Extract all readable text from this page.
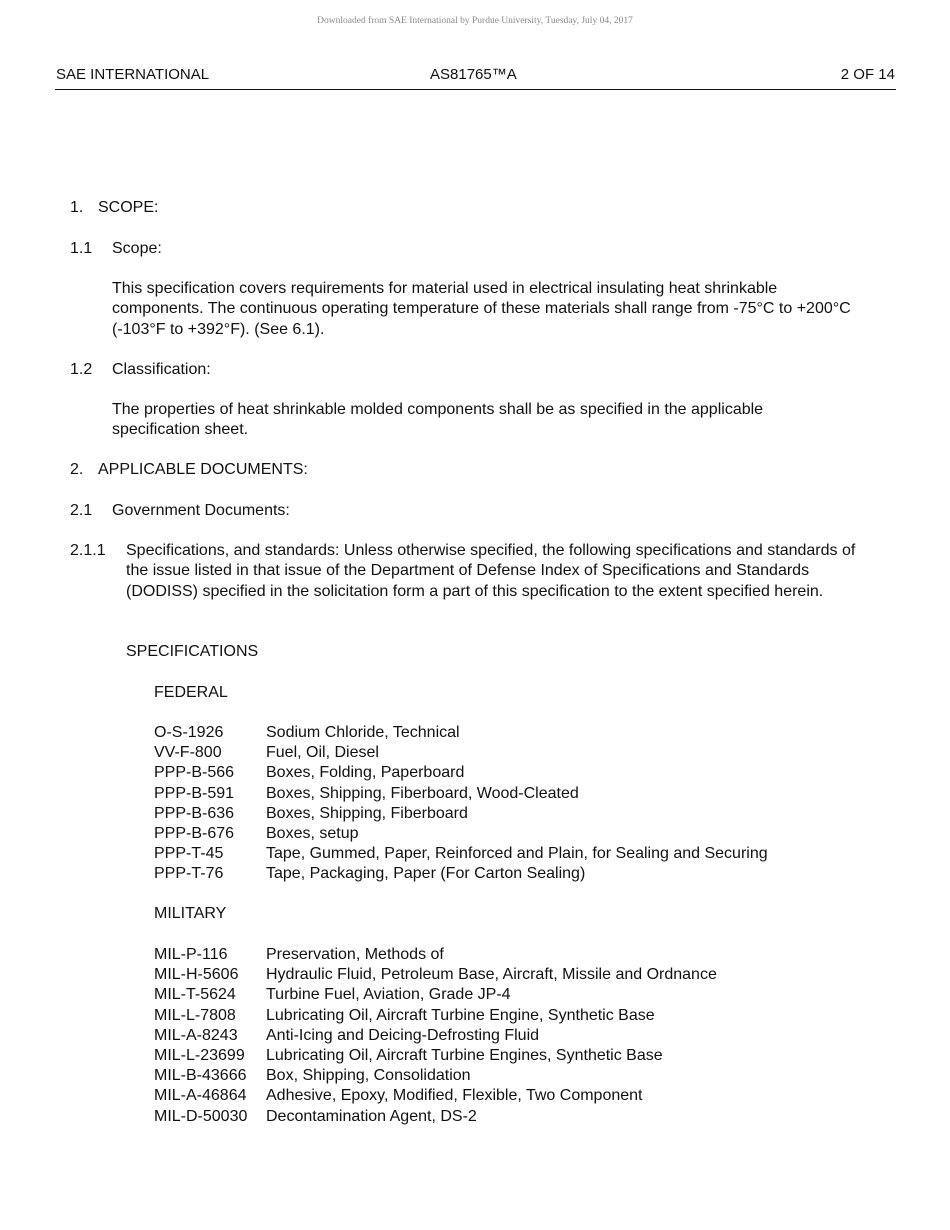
Downloaded from SAE International by Purdue University, Tuesday, July 04, 2017
SAE INTERNATIONAL	AS81765™A	2 OF 14
1. SCOPE:
1.1 Scope:
This specification covers requirements for material used in electrical insulating heat shrinkable components. The continuous operating temperature of these materials shall range from -75°C to +200°C (-103°F to +392°F). (See 6.1).
1.2 Classification:
The properties of heat shrinkable molded components shall be as specified in the applicable specification sheet.
2. APPLICABLE DOCUMENTS:
2.1 Government Documents:
2.1.1 Specifications, and standards: Unless otherwise specified, the following specifications and standards of the issue listed in that issue of the Department of Defense Index of Specifications and Standards (DODISS) specified in the solicitation form a part of this specification to the extent specified herein.
SPECIFICATIONS
FEDERAL
O-S-1926	Sodium Chloride, Technical
VV-F-800	Fuel, Oil, Diesel
PPP-B-566 Boxes, Folding, Paperboard
PPP-B-591 Boxes, Shipping, Fiberboard, Wood-Cleated
PPP-B-636 Boxes, Shipping, Fiberboard
PPP-B-676 Boxes, setup
PPP-T-45	Tape, Gummed, Paper, Reinforced and Plain, for Sealing and Securing
PPP-T-76	Tape, Packaging, Paper (For Carton Sealing)
MILITARY
MIL-P-116 Preservation, Methods of
MIL-H-5606 Hydraulic Fluid, Petroleum Base, Aircraft, Missile and Ordnance
MIL-T-5624 Turbine Fuel, Aviation, Grade JP-4
MIL-L-7808 Lubricating Oil, Aircraft Turbine Engine, Synthetic Base
MIL-A-8243 Anti-Icing and Deicing-Defrosting Fluid
MIL-L-23699 Lubricating Oil, Aircraft Turbine Engines, Synthetic Base
MIL-B-43666 Box, Shipping, Consolidation
MIL-A-46864 Adhesive, Epoxy, Modified, Flexible, Two Component
MIL-D-50030 Decontamination Agent, DS-2
